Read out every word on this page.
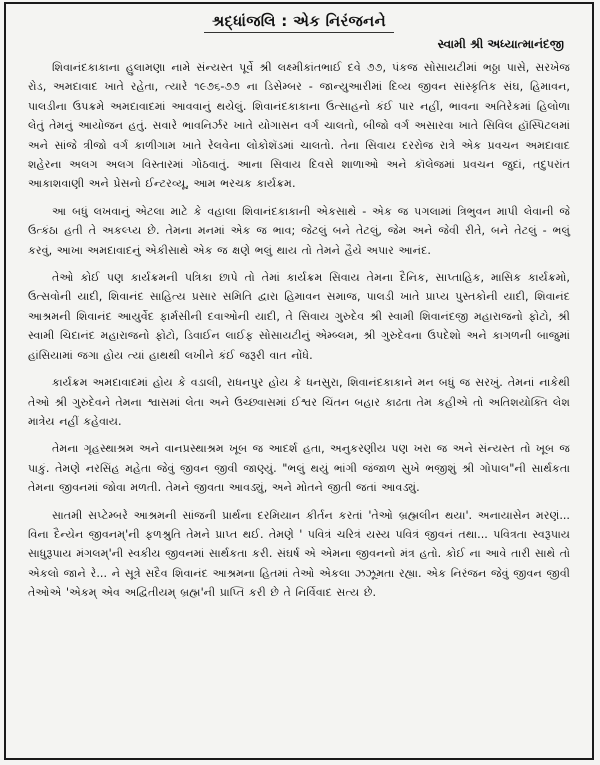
શ્રદ્ધાંજલિ : એક નિરંજનને
સ્વામી શ્રી અધ્યાત્માનંદજી

શિવાનંદકાકાના હુલામણા નામે સંન્યસ્ત પૂર્વે શ્રી લક્ષ્મીકાંતભાઈ દવે ૭૭, પંકજ સોસાયટીમાં ભઠ્ઠા પાસે, સરખેજ રોડ, અમદાવાદ ખાતે રહેતા, ત્યારે ૧૯૭૬-૭૭ ના ડિસેમ્બર - જાન્યુઆરીમાં દિવ્ય જીવન સાંસ્કૃતિક સંઘ, હિમાવન, પાલડીના ઉપક્રમે અમદાવાદમાં આવવાનું થયેલું. શિવાનંદકાકાના ઉત્સાહનો કંઈ પાર નહીં, ભાવના અતિરેકમાં હિલોળા લેતું તેમનું આયોજન હતું. સવારે ભાવનિર્ઝર ખાતે યોગાસન વર્ગ ચાલતો, બીજો વર્ગ અસારવા ખાતે સિવિલ હૉસ્પિટલમાં અને સાંજે ત્રીજો વર્ગ કાળીગામ ખાતે રેલવેના લોકોશૅડમાં ચાલતો. તેના સિવાય દરરોજ રાત્રે એક પ્રવચન અમદાવાદ શહેરના અલગ અલગ વિસ્તારમાં ગોઠવાતું. આના સિવાય દિવસે શાળાઓ અને કૉલેજમાં પ્રવચન જુદાં, તદુપરાંત આકાશવાણી અને પ્રેસનો ઈન્ટરવ્યૂ, આમ ભરચક કાર્યક્રમ.

આ બધું લખવાનું એટલા માટે કે વહાલા શિવાનંદકાકાની એકસાથે - એક જ પગલામાં ત્રિભુવન માપી લેવાની જે ઉત્કંઠા હતી તે અકલ્પ્ય છે. તેમના મનમાં એક જ ભાવ; જેટલું બને તેટલું, જેમ અને જેવી રીતે, બને તેટલું - ભલું કરવું, આખા અમદાવાદનું એકીસાથે એક જ ક્ષણે ભલું થાય તો તેમને હૈયે અપાર આનંદ.

તેઓ કોઈ પણ કાર્યક્રમની પત્રિકા છાપે તો તેમાં કાર્યક્રમ સિવાય તેમના દૈનિક, સાપ્તાહિક, માસિક કાર્યક્રમો, ઉત્સવોની યાદી, શિવાનંદ સાહિત્ય પ્રસાર સમિતિ દ્વારા હિમાવન સમાજ, પાલડી ખાતે પ્રાપ્ય પુસ્તકોની યાદી, શિવાનંદ આશ્રમની શિવાનંદ આયુર્વેદ ફાર્મસીની દવાઓની યાદી, તે સિવાય ગુરુદેવ શ્રી સ્વામી શિવાનંદજી મહારાજનો ફોટો, શ્રી સ્વામી ચિદાનંદ મહારાજનો ફોટો, ડિવાઈન લાઈફ સોસાયટીનું એમ્બ્લમ, શ્રી ગુરુદેવના ઉપદેશો અને કાગળની બાજુમાં હાંસિયામાં જગા હોય ત્યાં હાથથી લખીને કંઈ જરૂરી વાત નોંધે.

કાર્યક્રમ અમદાવાદમાં હોય કે વડાલી, રાધનપુર હોય કે ધનસુરા, શિવાનંદકાકાને મન બધું જ સરખું. તેમનાં નાકેથી તેઓ શ્રી ગુરુદેવને તેમના શ્વાસમાં લેતા અને ઉચ્છ્વાસમાં ઈશ્વર ચિંતન બહાર કાઢતા તેમ કહીએ તો અતિશયોક્તિ લેશ માત્રેય નહીં કહેવાય.

તેમના ગૃહસ્થાશ્રમ અને વાનપ્રસ્થાશ્રમ ખૂબ જ આદર્શ હતા, અનુકરણીય પણ ખરા જ અને સંન્યસ્ત તો ખૂબ જ પાકું. તેમણે નરસિંહ મહેતા જેવું જીવન જીવી જાણ્યું. "ભલું થયું ભાંગી જંજાળ સુખે ભજીશું શ્રી ગોપાલ"ની સાર્થકતા તેમના જીવનમાં જોવા મળતી. તેમને જીવતા આવડ્યું, અને મોતને જીતી જતાં આવડ્યું.

સાતમી સપ્ટેમ્બરે આશ્રમની સાંજની પ્રાર્થના દરમિયાન કીર્તન કરતાં 'તેઓ બ્રહ્મલીન થયા'. અનાયાસેન મરણં... વિના દૈન્યેન જીવનમ્'ની ફળશ્રુતિ તેમને પ્રાપ્ત થઈ. તેમણે ' પવિત્રં ચરિત્રં યસ્ય પવિત્રં જીવનં તથા... પવિત્રતા સ્વરૂપાય સાધુરૂપાય મંગલમ્'ની સ્વકીય જીવનમાં સાર્થકતા કરી. સંઘર્ષ એ એમના જીવનનો મંત્ર હતો. કોઈ ના આવે તારી સાથે તો એકલો જાને રે... ને સૂત્રે સદૈવ શિવાનંદ આશ્રમના હિતમાં તેઓ એકલા ઝઝૂમતા રહ્યા. એક નિરંજન જેવું જીવન જીવી તેઓએ 'એકમ્ એવ અદ્વિતીયમ્ બ્રહ્મ'ની પ્રાપ્તિ કરી છે તે નિર્વિવાદ સત્ય છે.
